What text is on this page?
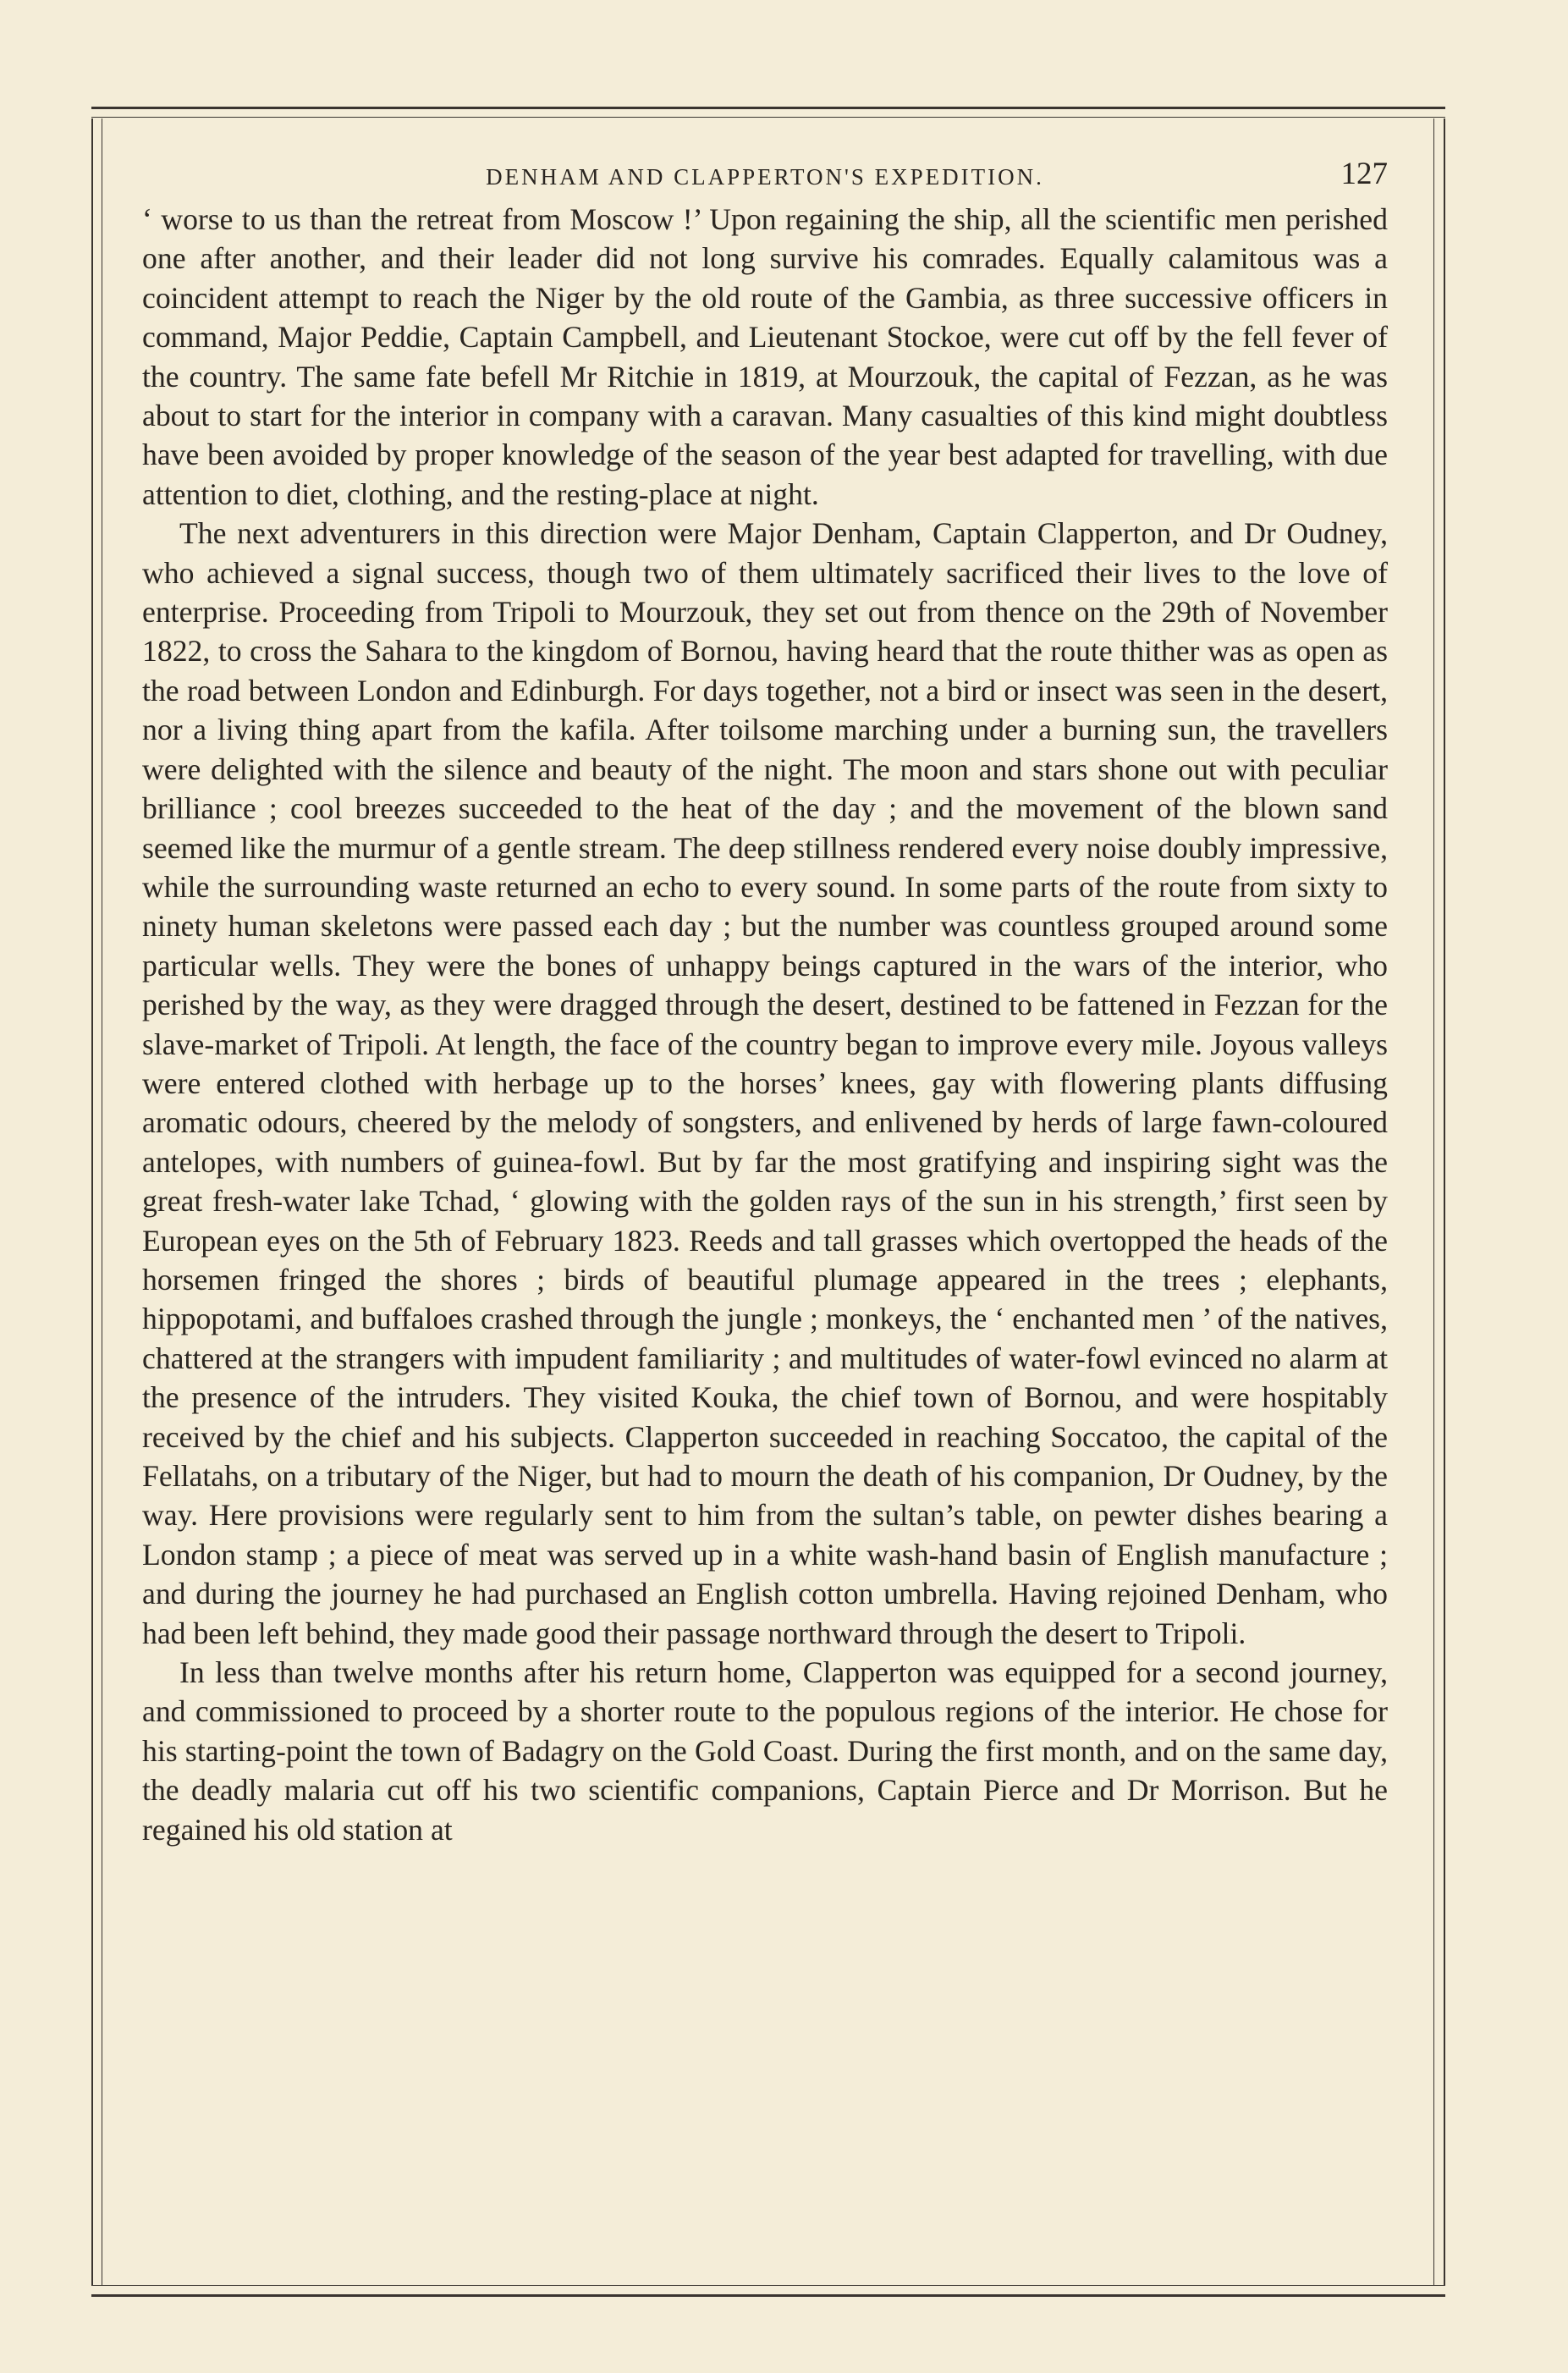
DENHAM AND CLAPPERTON'S EXPEDITION.	127

‘ worse to us than the retreat from Moscow !’ Upon regaining the ship, all the scientific men perished one after another, and their leader did not long survive his comrades. Equally calamitous was a coincident attempt to reach the Niger by the old route of the Gambia, as three successive officers in command, Major Peddie, Captain Campbell, and Lieutenant Stockoe, were cut off by the fell fever of the country. The same fate befell Mr Ritchie in 1819, at Mourzouk, the capital of Fezzan, as he was about to start for the interior in company with a caravan. Many casualties of this kind might doubtless have been avoided by proper knowledge of the season of the year best adapted for travelling, with due attention to diet, clothing, and the resting-place at night.

The next adventurers in this direction were Major Denham, Captain Clapperton, and Dr Oudney, who achieved a signal success, though two of them ultimately sacrificed their lives to the love of enterprise. Proceeding from Tripoli to Mourzouk, they set out from thence on the 29th of November 1822, to cross the Sahara to the kingdom of Bornou, having heard that the route thither was as open as the road between London and Edinburgh. For days together, not a bird or insect was seen in the desert, nor a living thing apart from the kafila. After toilsome marching under a burning sun, the travellers were delighted with the silence and beauty of the night. The moon and stars shone out with peculiar brilliance ; cool breezes succeeded to the heat of the day ; and the movement of the blown sand seemed like the murmur of a gentle stream. The deep stillness rendered every noise doubly impressive, while the surrounding waste returned an echo to every sound. In some parts of the route from sixty to ninety human skeletons were passed each day ; but the number was countless grouped around some particular wells. They were the bones of unhappy beings captured in the wars of the interior, who perished by the way, as they were dragged through the desert, destined to be fattened in Fezzan for the slave-market of Tripoli. At length, the face of the country began to improve every mile. Joyous valleys were entered clothed with herbage up to the horses’ knees, gay with flowering plants diffusing aromatic odours, cheered by the melody of songsters, and enlivened by herds of large fawn-coloured antelopes, with numbers of guinea-fowl. But by far the most gratifying and inspiring sight was the great fresh-water lake Tchad, ‘ glowing with the golden rays of the sun in his strength,’ first seen by European eyes on the 5th of February 1823. Reeds and tall grasses which overtopped the heads of the horsemen fringed the shores ; birds of beautiful plumage appeared in the trees ; elephants, hippopotami, and buffaloes crashed through the jungle ; monkeys, the ‘ enchanted men ’ of the natives, chattered at the strangers with impudent familiarity ; and multitudes of water-fowl evinced no alarm at the presence of the intruders. They visited Kouka, the chief town of Bornou, and were hospitably received by the chief and his subjects. Clapperton succeeded in reaching Soccatoo, the capital of the Fellatahs, on a tributary of the Niger, but had to mourn the death of his companion, Dr Oudney, by the way. Here provisions were regularly sent to him from the sultan’s table, on pewter dishes bearing a London stamp ; a piece of meat was served up in a white wash-hand basin of English manufacture ; and during the journey he had purchased an English cotton umbrella. Having rejoined Denham, who had been left behind, they made good their passage northward through the desert to Tripoli.

In less than twelve months after his return home, Clapperton was equipped for a second journey, and commissioned to proceed by a shorter route to the populous regions of the interior. He chose for his starting-point the town of Badagry on the Gold Coast. During the first month, and on the same day, the deadly malaria cut off his two scientific companions, Captain Pierce and Dr Morrison. But he regained his old station at
